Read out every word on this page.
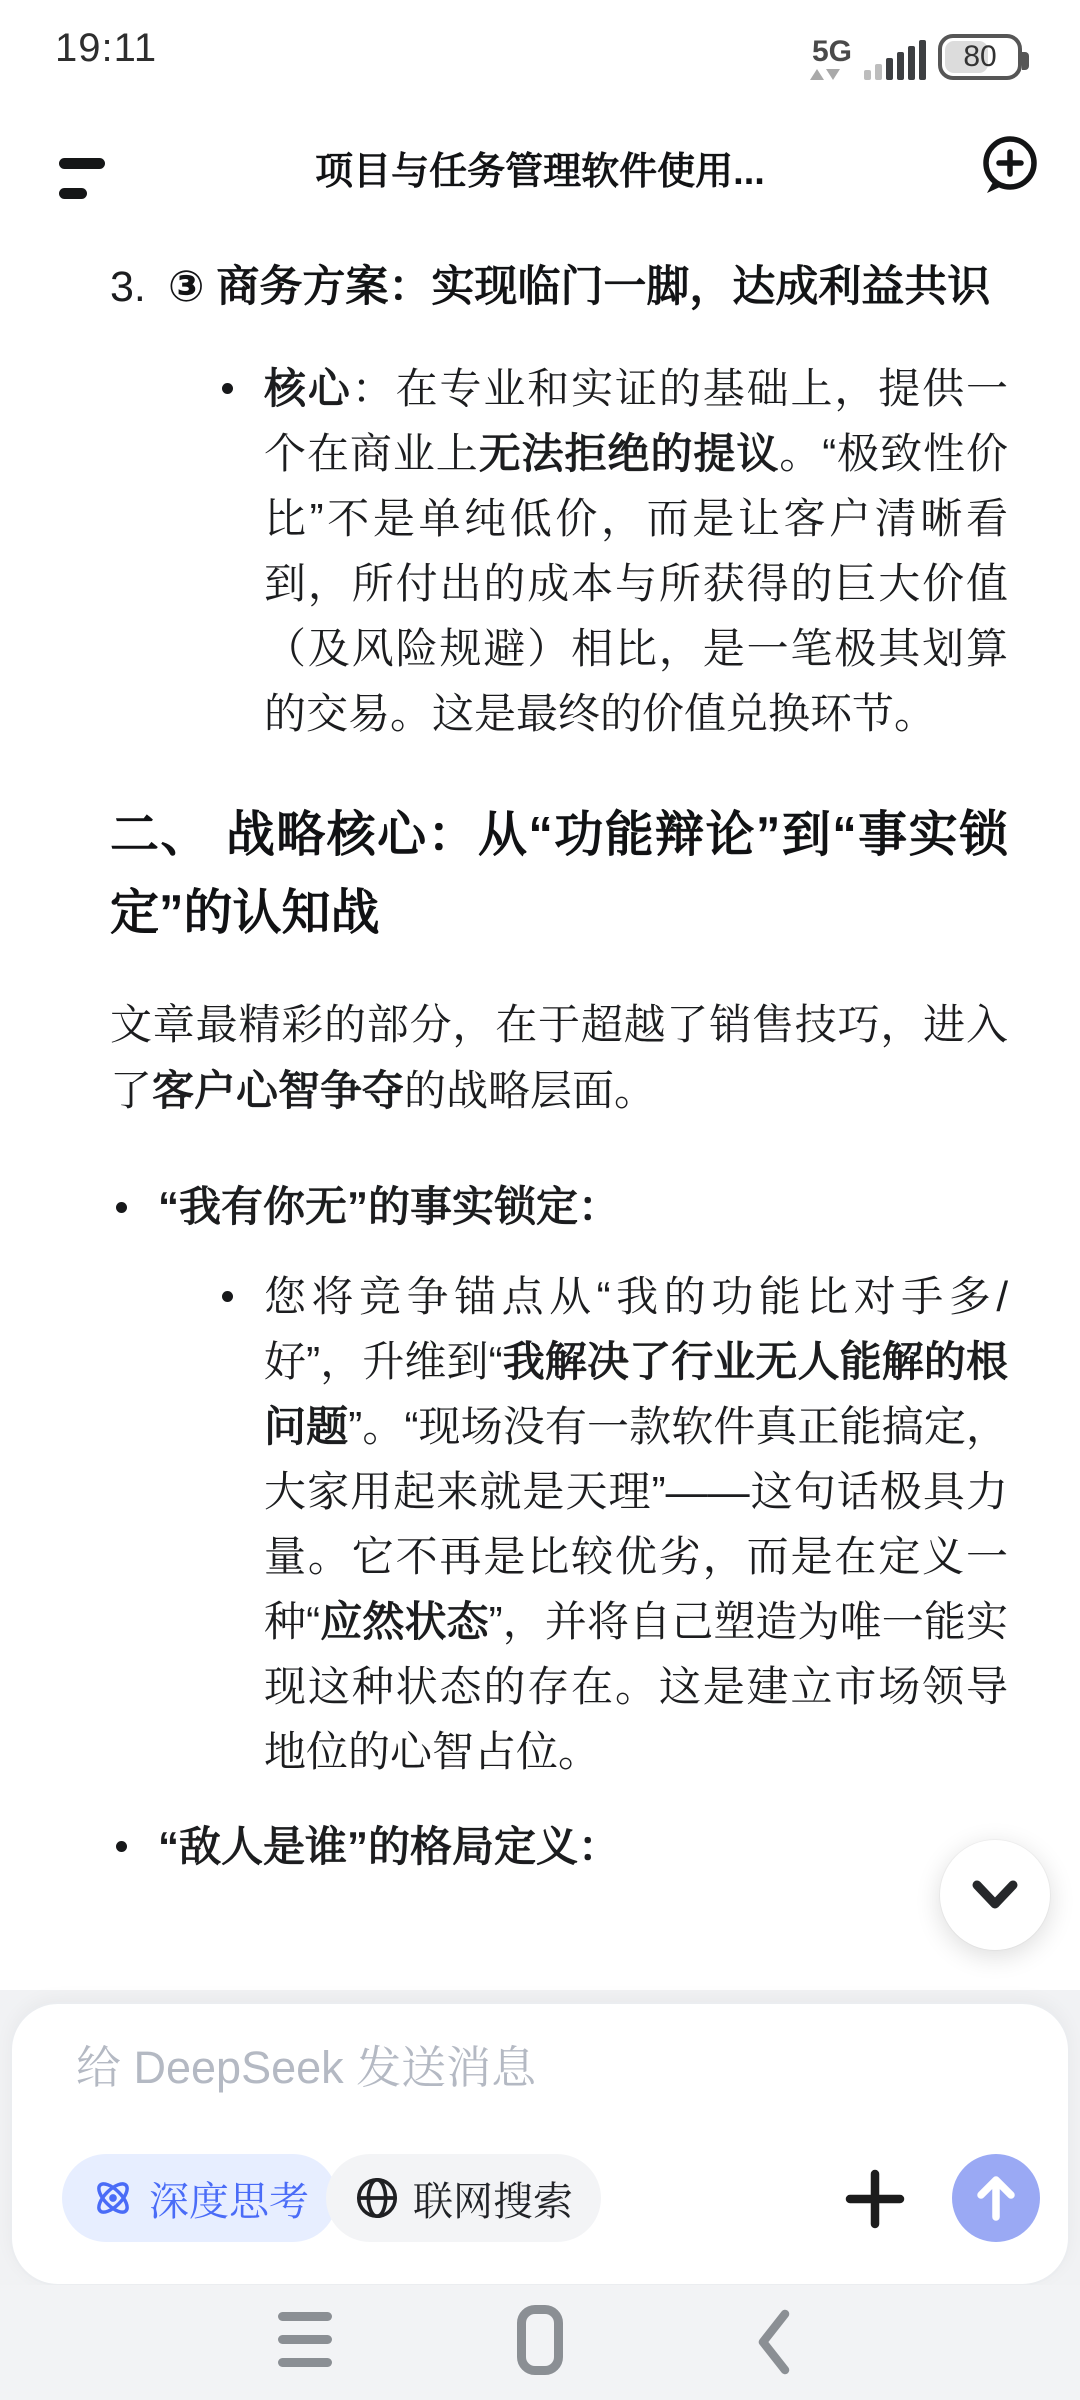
19:11	5G	80
项目与任务管理软件使用...
3. ③ 商务方案：实现临门一脚，达成利益共识
核心：在专业和实证的基础上，提供一个在商业上无法拒绝的提议。“极致性价比”不是单纯低价，而是让客户清晰看到，所付出的成本与所获得的巨大价值（及风险规避）相比，是一笔极其划算的交易。这是最终的价值兑换环节。
二、 战略核心：从“功能辩论”到“事实锁定”的认知战
文章最精彩的部分，在于超越了销售技巧，进入了客户心智争夺的战略层面。
“我有你无”的事实锁定：
您将竞争锚点从“我的功能比对手多/好”，升维到“我解决了行业无人能解的根问题”。“现场没有一款软件真正能搞定，大家用起来就是天理”——这句话极具力量。它不再是比较优劣，而是在定义一种“应然状态”，并将自己塑造为唯一能实现这种状态的存在。这是建立市场领导地位的心智占位。
“敌人是谁”的格局定义：
给 DeepSeek 发送消息
深度思考	联网搜索
